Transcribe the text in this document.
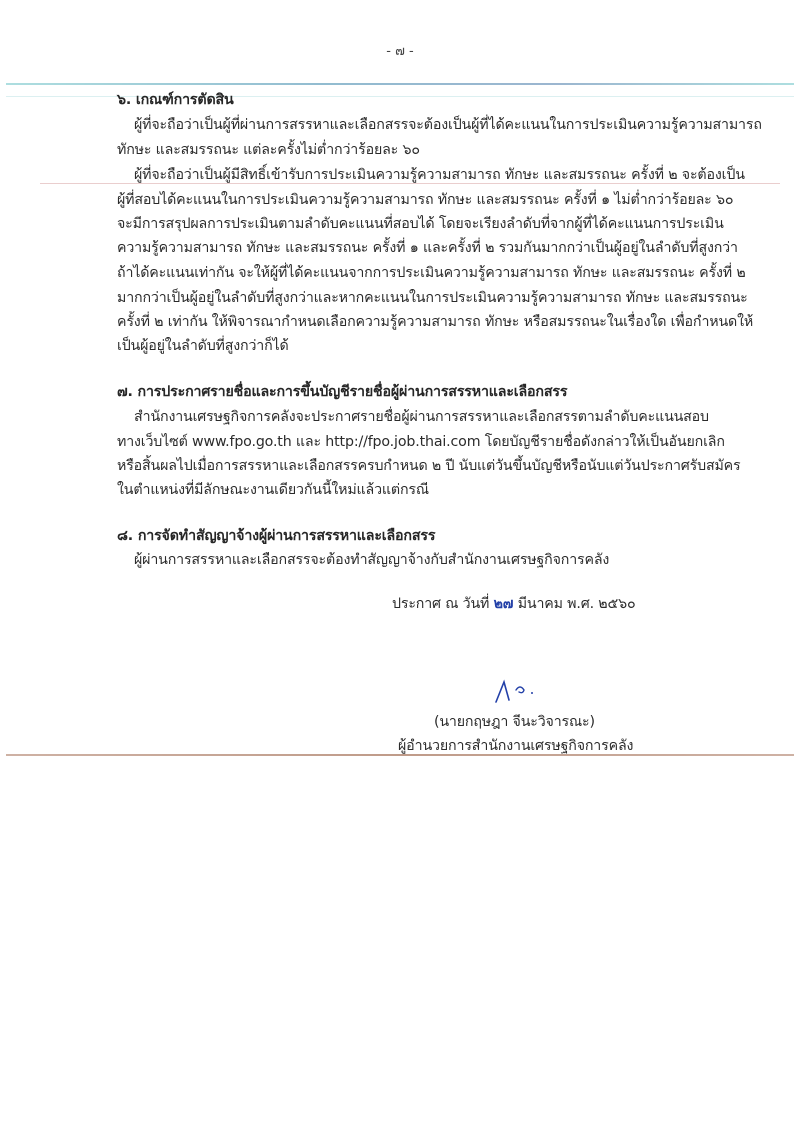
- ๗ -
๖. เกณฑ์การตัดสิน
ผู้ที่จะถือว่าเป็นผู้ที่ผ่านการสรรหาและเลือกสรรจะต้องเป็นผู้ที่ได้คะแนนในการประเมินความรู้ความสามารถ
ทักษะ และสมรรถนะ แต่ละครั้งไม่ต่ำกว่าร้อยละ ๖๐
ผู้ที่จะถือว่าเป็นผู้มีสิทธิ์เข้ารับการประเมินความรู้ความสามารถ ทักษะ และสมรรถนะ ครั้งที่ ๒ จะต้องเป็น
ผู้ที่สอบได้คะแนนในการประเมินความรู้ความสามารถ ทักษะ และสมรรถนะ ครั้งที่ ๑ ไม่ต่ำกว่าร้อยละ ๖๐
จะมีการสรุปผลการประเมินตามลำดับคะแนนที่สอบได้ โดยจะเรียงลำดับที่จากผู้ที่ได้คะแนนการประเมิน
ความรู้ความสามารถ ทักษะ และสมรรถนะ ครั้งที่ ๑ และครั้งที่ ๒ รวมกันมากกว่าเป็นผู้อยู่ในลำดับที่สูงกว่า
ถ้าได้คะแนนเท่ากัน จะให้ผู้ที่ได้คะแนนจากการประเมินความรู้ความสามารถ ทักษะ และสมรรถนะ ครั้งที่ ๒
มากกว่าเป็นผู้อยู่ในลำดับที่สูงกว่าและหากคะแนนในการประเมินความรู้ความสามารถ ทักษะ และสมรรถนะ
ครั้งที่ ๒ เท่ากัน ให้พิจารณากำหนดเลือกความรู้ความสามารถ ทักษะ หรือสมรรถนะในเรื่องใด เพื่อกำหนดให้
เป็นผู้อยู่ในลำดับที่สูงกว่าก็ได้
๗. การประกาศรายชื่อและการขึ้นบัญชีรายชื่อผู้ผ่านการสรรหาและเลือกสรร
สำนักงานเศรษฐกิจการคลังจะประกาศรายชื่อผู้ผ่านการสรรหาและเลือกสรรตามลำดับคะแนนสอบ
ทางเว็บไซต์ www.fpo.go.th และ http://fpo.job.thai.com โดยบัญชีรายชื่อดังกล่าวให้เป็นอันยกเลิก
หรือสิ้นผลไปเมื่อการสรรหาและเลือกสรรครบกำหนด ๒ ปี นับแต่วันขึ้นบัญชีหรือนับแต่วันประกาศรับสมัคร
ในตำแหน่งที่มีลักษณะงานเดียวกันนี้ใหม่แล้วแต่กรณี
๘. การจัดทำสัญญาจ้างผู้ผ่านการสรรหาและเลือกสรร
ผู้ผ่านการสรรหาและเลือกสรรจะต้องทำสัญญาจ้างกับสำนักงานเศรษฐกิจการคลัง
ประกาศ ณ วันที่ ๒๗ มีนาคม พ.ศ. ๒๕๖๐
(นายกฤษฎา จีนะวิจารณะ)
ผู้อำนวยการสำนักงานเศรษฐกิจการคลัง
